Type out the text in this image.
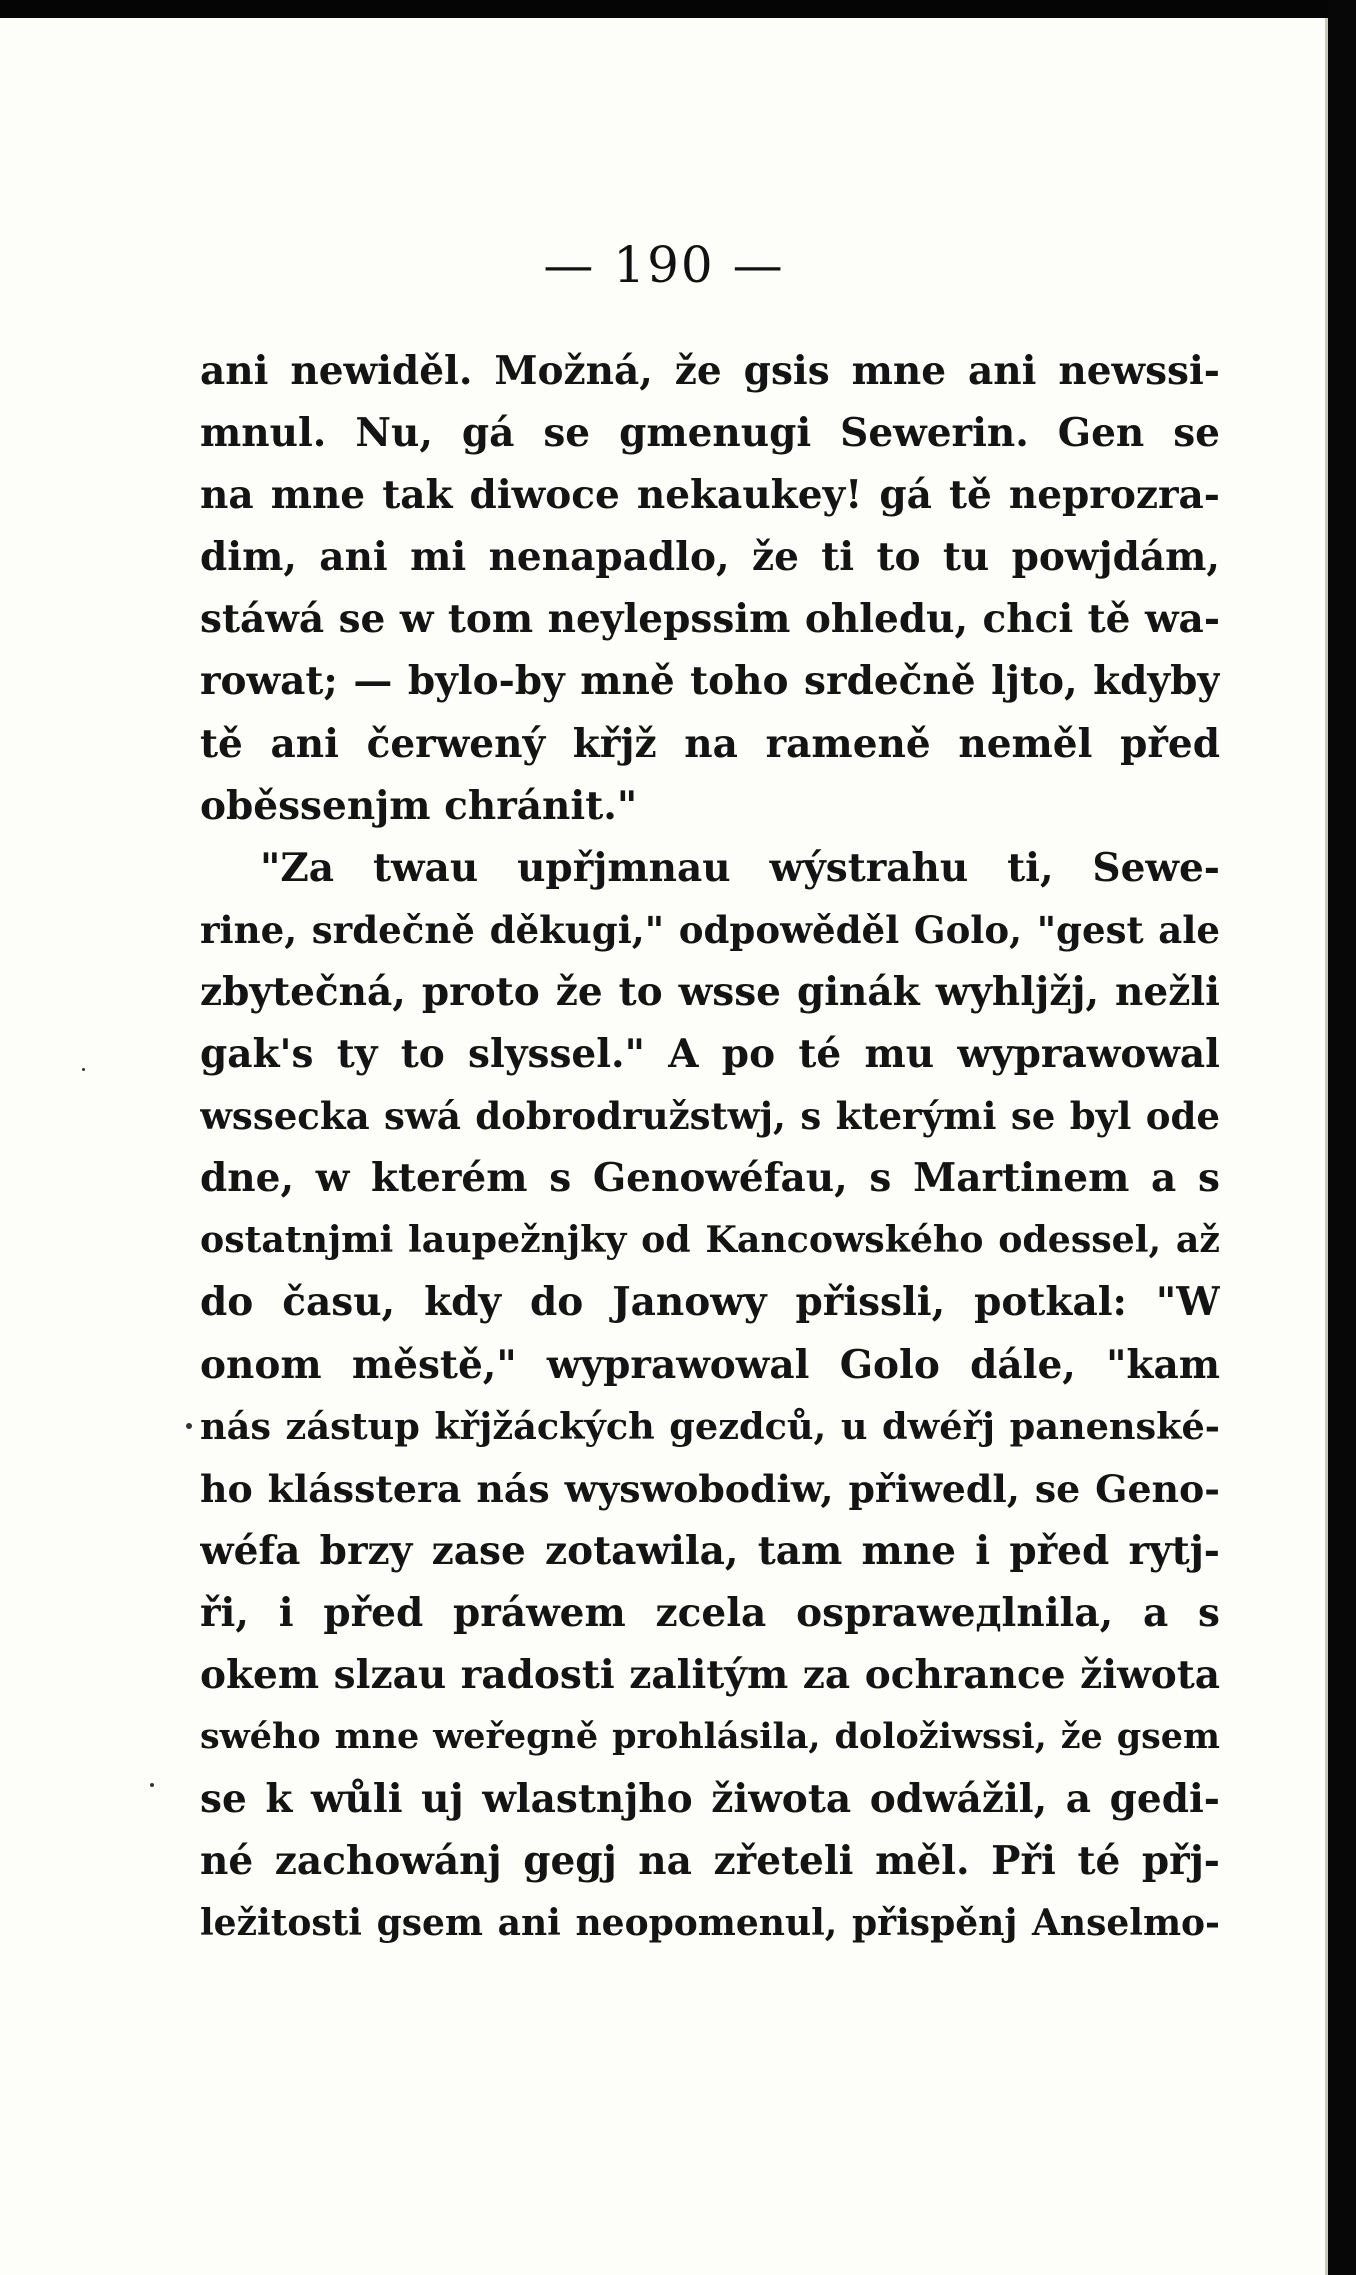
— 190 —
ani newiděl. Možná, že gsis mne ani newssi-
mnul. Nu, gá se gmenugi Sewerin. Gen se
na mne tak diwoce nekaukey! gá tě neprozra-
dim, ani mi nenapadlo, že ti to tu powjdám,
stáwá se w tom neylepssim ohledu, chci tě wa-
rowat; — bylo-by mně toho srdečně ljto, kdyby
tě ani čerwený křjž na rameně neměl před
oběssenjm chránit."
"Za twau upřjmnau wýstrahu ti, Sewe-
rine, srdečně děkugi," odpowěděl Golo, "gest ale
zbytečná, proto že to wsse ginák wyhljžj, nežli
gak's ty to slyssel." A po té mu wyprawowal
wssecka swá dobrodružstwj, s kterými se byl ode
dne, w kterém s Genowéfau, s Martinem a s
ostatnjmi laupežnjky od Kancowského odessel, až
do času, kdy do Janowy přissli, potkal: "W
onom městě," wyprawowal Golo dále, "kam
nás zástup křjžáckých gezdců, u dwéřj panenské-
ho klásstera nás wyswobodiw, přiwedl, se Geno-
wéfa brzy zase zotawila, tam mne i před rytj-
ři, i před práwem zcela ospraweдlnila, a s
okem slzau radosti zalitým za ochrance žiwota
swého mne weřegně prohlásila, doložiwssi, že gsem
se k wůli uj wlastnjho žiwota odwážil, a gedi-
né zachowánj gegj na zřeteli měl. Při té přj-
ležitosti gsem ani neopomenul, přispěnj Anselmo-
